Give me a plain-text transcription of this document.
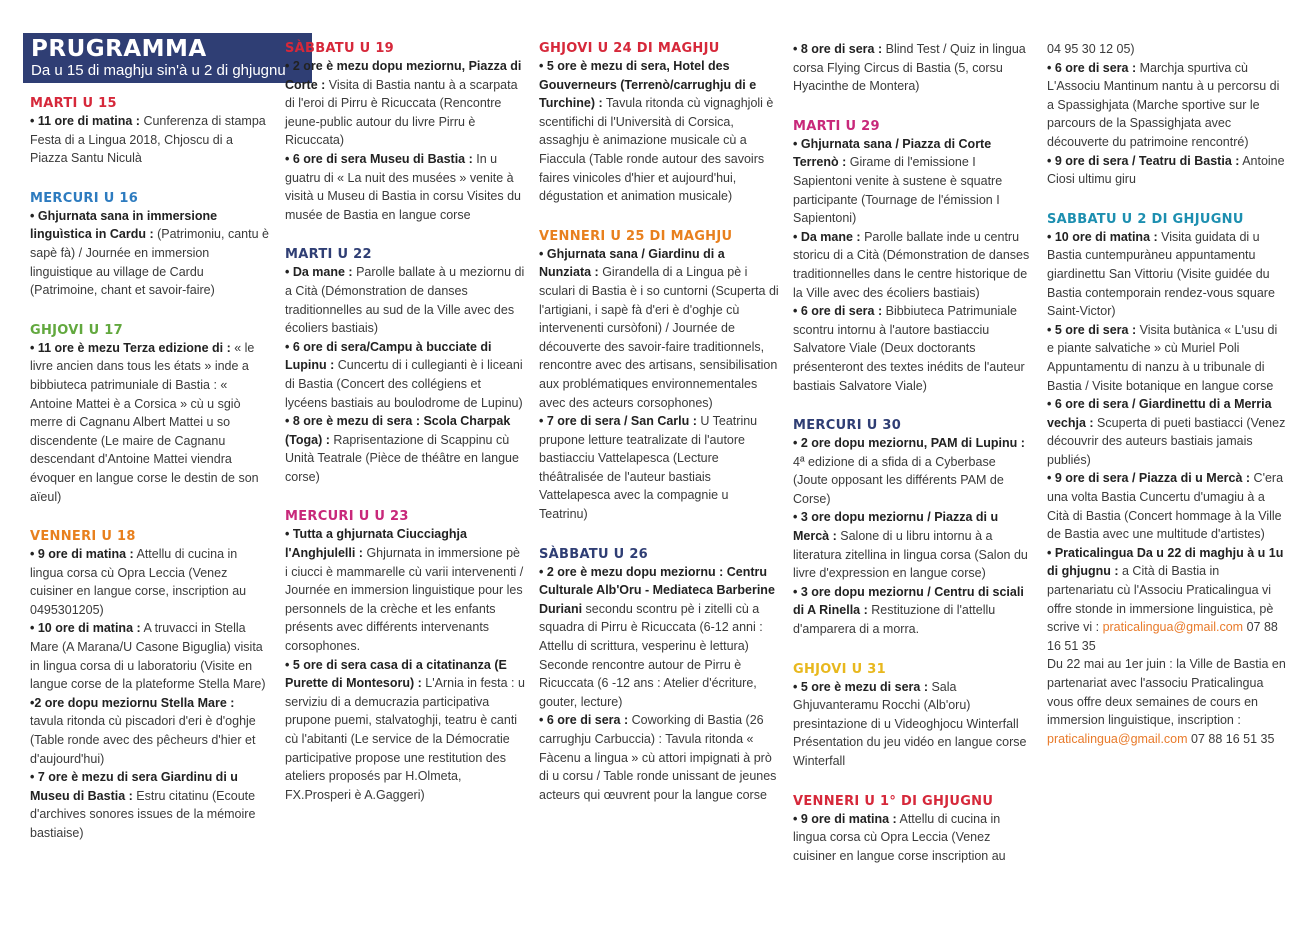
PRUGRAMMA
Da u 15 di maghju sin'à u 2 di ghjugnu
MARTI U 15

• 11 ore di matina : Cunferenza di stampa Festa di a Lingua 2018, Chjoscu di a Piazza Santu Niculà

MERCURI U 16

• Ghjurnata sana in immersione linguìstica in Cardu : (Patrimoniu, cantu è sapè fà) / Journée en immersion linguistique au village de Cardu (Patrimoine, chant et savoir-faire)

GHJOVI U 17

• 11 ore è mezu Terza edizione di : « le livre ancien dans tous les états » inde a bibbiuteca patrimuniale di Bastia : « Antoine Mattei è a Corsica » cù u sgiò merre di Cagnanu Albert Mattei u so discendente (Le maire de Cagnanu descendant d'Antoine Mattei viendra évoquer en langue corse le destin de son aïeul)

VENNERI U 18

• 9 ore di matina : Attellu di cucina in lingua corsa cù Opra Leccia (Venez cuisiner en langue corse, inscription au 0495301205)

• 10 ore di matina : A truvacci in Stella Mare (A Marana/U Casone Biguglia) visita in lingua corsa di u laboratoriu (Visite en langue corse de la plateforme Stella Mare)

•2 ore dopu meziornu Stella Mare : tavula ritonda cù piscadori d'eri è d'oghje (Table ronde avec des pêcheurs d'hier et d'aujourd'hui)

• 7 ore è mezu di sera Giardinu di u Museu di Bastia : Estru citatinu (Ecoute d'archives sonores issues de la mémoire bastiaise)

SÀBBATU U 19

• 2 ore è mezu dopu meziornu, Piazza di Corte : Visita di Bastia nantu à a scarpata di l'eroi di Pirru è Ricuccata (Rencontre jeune-public autour du livre Pirru è Ricuccata)

• 6 ore di sera Museu di Bastia : In u guatru di « La nuit des musées » venite à visità u Museu di Bastia in corsu Visites du musée de Bastia en langue corse

MARTI U 22

• Da mane : Parolle ballate à u meziornu di a Cità (Démonstration de danses traditionnelles au sud de la Ville avec des écoliers bastiais)

• 6 ore di sera/Campu à bucciate di Lupinu : Cuncertu di i cullegianti è i liceani di Bastia (Concert des collégiens et lycéens bastiais au boulodrome de Lupinu)

• 8 ore è mezu di sera : Scola Charpak (Toga) : Raprisentazione di Scappinu cù Unità Teatrale (Pièce de théâtre en langue corse)

MERCURI U U 23

• Tutta a ghjurnata Ciucciaghja l'Anghjulelli : Ghjurnata in immersione pè i ciucci è mammarelle cù varii intervenenti / Journée en immersion linguistique pour les personnels de la crèche et les enfants présents avec différents intervenants corsophones.

• 5 ore di sera casa di a citatinanza (E Purette di Montesoru) : L'Arnia in festa : u serviziu di a demucrazia participativa prupone puemi, stalvatoghji, teatru è canti cù l'abitanti (Le service de la Démocratie participative propose une restitution des ateliers proposés par H.Olmeta, FX.Prosperi è A.Gaggeri)

GHJOVI U 24 DI MAGHJU

• 5 ore è mezu di sera, Hotel des Gouverneurs (Terrenò/carrughju di e Turchine) : Tavula ritonda cù vignaghjoli è scentifichi di l'Università di Corsica, assaghju è animazione musicale cù a Fiaccula (Table ronde autour des savoirs faires vinicoles d'hier et aujourd'hui, dégustation et animation musicale)

VENNERI U 25 DI MAGHJU

• Ghjurnata sana / Giardinu di a Nunziata : Girandella di a Lingua pè i sculari di Bastia è i so cuntorni (Scuperta di l'artigiani, i sapè fà d'eri è d'oghje cù intervenenti cursòfoni) / Journée de découverte des savoir-faire traditionnels, rencontre avec des artisans, sensibilisation aux problématiques environnementales avec des acteurs corsophones)

• 7 ore di sera / San Carlu : U Teatrinu prupone letture teatralizate di l'autore bastiacciu Vattelapesca (Lecture théâtralisée de l'auteur bastiais Vattelapesca avec la compagnie u Teatrinu)

SÀBBATU U 26

• 2 ore è mezu dopu meziornu : Centru Culturale Alb'Oru - Mediateca Barberine Duriani secondu scontru pè i zitelli cù a squadra di Pirru è Ricuccata (6-12 anni : Attellu di scrittura, vesperinu è lettura) Seconde rencontre autour de Pirru è Ricuccata (6 -12 ans : Atelier d'écriture, gouter, lecture)

• 6 ore di sera : Coworking di Bastia (26 carrughju Carbuccia) : Tavula ritonda « Fàcenu a lingua » cù attori impignati à prò di u corsu / Table ronde unissant de jeunes acteurs qui œuvrent pour la langue corse

• 8 ore di sera : Blind Test / Quiz in lingua corsa Flying Circus di Bastia (5, corsu Hyacinthe de Montera)

MARTI U 29

• Ghjurnata sana / Piazza di Corte Terrenò : Girame di l'emissione I Sapientoni venite à sustene è squatre participante (Tournage de l'émission I Sapientoni)

• Da mane : Parolle ballate inde u centru storicu di a Cità (Démonstration de danses traditionnelles dans le centre historique de la Ville avec des écoliers bastiais)

• 6 ore di sera : Bibbiuteca Patrimuniale scontru intornu à l'autore bastiacciu Salvatore Viale (Deux doctorants présenteront des textes inédits de l'auteur bastiais Salvatore Viale)

MERCURI U 30

• 2 ore dopu meziornu, PAM di Lupinu : 4ª edizione di a sfida di a Cyberbase (Joute opposant les différents PAM de Corse)

• 3 ore dopu meziornu / Piazza di u Mercà : Salone di u libru intornu à a literatura zitellina in lingua corsa (Salon du livre d'expression en langue corse)

• 3 ore dopu meziornu / Centru di sciali di A Rinella : Restituzione di l'attellu d'amparera di a morra.

GHJOVI U 31

• 5 ore è mezu di sera : Sala Ghjuvanteramu Rocchi (Alb'oru) presintazione di u Videoghjocu Winterfall Présentation du jeu vidéo en langue corse Winterfall

VENNERI U 1° DI GHJUGNU

• 9 ore di matina : Attellu di cucina in lingua corsa cù Opra Leccia (Venez cuisiner en langue corse inscription au

04 95 30 12 05)

• 6 ore di sera : Marchja spurtiva cù L'Associu Mantinum nantu à u percorsu di a Spassighjata (Marche sportive sur le parcours de la Spassighjata avec découverte du patrimoine rencontré)

• 9 ore di sera / Teatru di Bastia : Antoine Ciosi ultimu giru

SABBATU U 2 DI GHJUGNU

• 10 ore di matina : Visita guidata di u Bastia cuntempuràneu appuntamentu giardinettu San Vittoriu (Visite guidée du Bastia contemporain rendez-vous square Saint-Victor)

• 5 ore di sera : Visita butànica « L'usu di e piante salvatiche » cù Muriel Poli Appuntamentu di nanzu à u tribunale di Bastia / Visite botanique en langue corse

• 6 ore di sera / Giardinettu di a Merria vechja : Scuperta di pueti bastiacci (Venez découvrir des auteurs bastiais jamais publiés)

• 9 ore di sera / Piazza di u Mercà : C'era una volta Bastia Cuncertu d'umagiu à a Cità di Bastia (Concert hommage à la Ville de Bastia avec une multitude d'artistes)

• Praticalingua Da u 22 di maghju à u 1u di ghjugnu : a Cità di Bastia in partenariatu cù l'Associu Praticalingua vi offre stonde in immersione linguistica, pè scrive vi : praticalingua@gmail.com 07 88 16 51 35

Du 22 mai au 1er juin : la Ville de Bastia en partenariat avec l'associu Praticalingua vous offre deux semaines de cours en immersion linguistique, inscription : praticalingua@gmail.com 07 88 16 51 35
